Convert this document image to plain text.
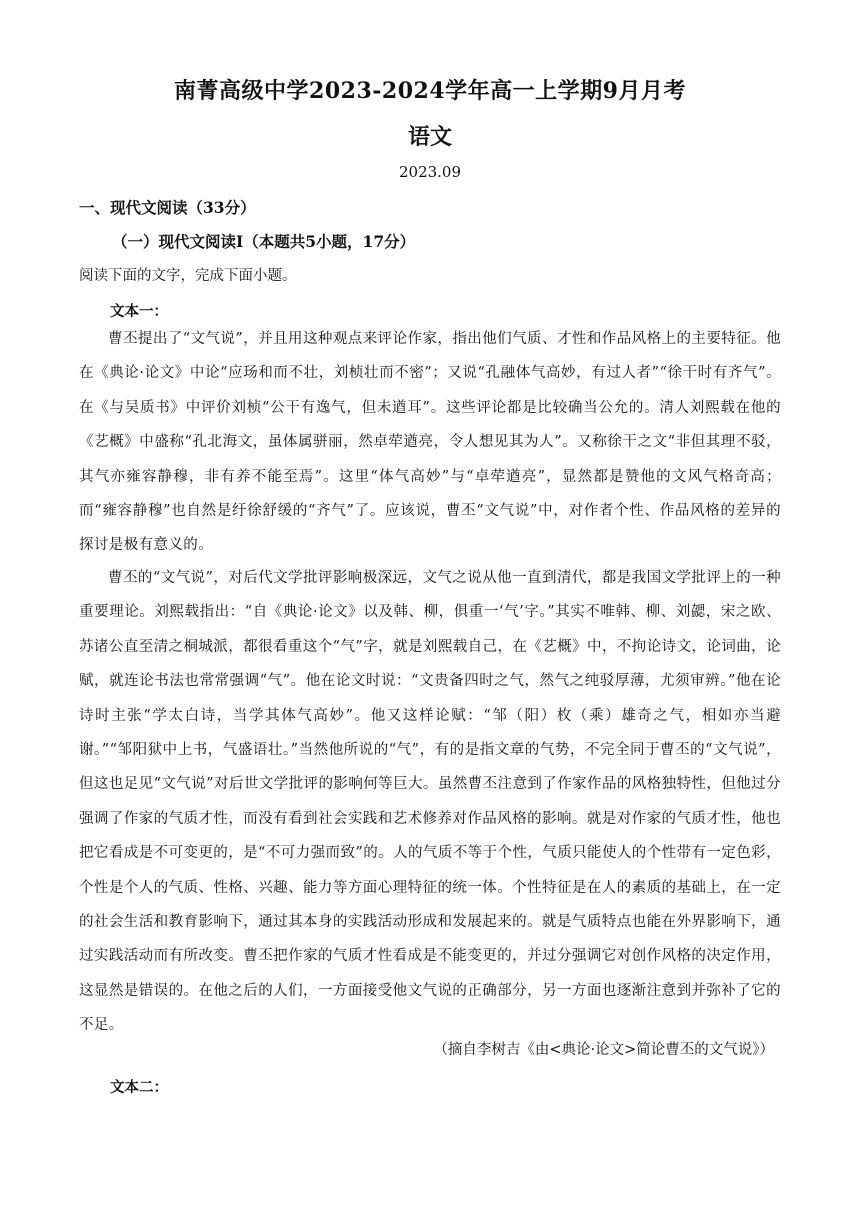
南菁高级中学2023-2024学年高一上学期9月月考
语文
2023.09
一、现代文阅读（33分）
（一）现代文阅读Ⅰ（本题共5小题，17分）
阅读下面的文字，完成下面小题。
文本一：

曹丕提出了“文气说”，并且用这种观点来评论作家，指出他们气质、才性和作品风格上的主要特征。他在《典论·论文》中论“应玚和而不壮，刘桢壮而不密”；又说“孔融体气高妙，有过人者”“徐干时有齐气”。在《与吴质书》中评价刘桢“公干有逸气，但未遒耳”。这些评论都是比较确当公允的。清人刘熙载在他的《艺概》中盛称“孔北海文，虽体属骈丽，然卓荦遒亮，令人想见其为人”。又称徐干之文“非但其理不驳，其气亦雍容静穆，非有养不能至焉”。这里“体气高妙”与“卓荦遒亮”，显然都是赞他的文风气格奇高；而“雍容静穆”也自然是纡徐舒缓的“齐气”了。应该说，曹丕“文气说”中，对作者个性、作品风格的差异的探讨是极有意义的。

曹丕的“文气说”，对后代文学批评影响极深远，文气之说从他一直到清代，都是我国文学批评上的一种重要理论。刘熙载指出：“自《典论·论文》以及韩、柳，俱重一‘气’字。”其实不唯韩、柳、刘勰，宋之欧、苏诸公直至清之桐城派，都很看重这个“气”字，就是刘熙载自己，在《艺概》中，不拘论诗文，论词曲，论赋，就连论书法也常常强调“气”。他在论文时说：“文贵备四时之气，然气之纯驳厚薄，尤须审辨。”他在论诗时主张“学太白诗，当学其体气高妙”。他又这样论赋：“邹（阳）枚（乘）雄奇之气，相如亦当避谢。”“邹阳狱中上书，气盛语壮。”当然他所说的“气”，有的是指文章的气势，不完全同于曹丕的“文气说”，但这也足见“文气说”对后世文学批评的影响何等巨大。虽然曹丕注意到了作家作品的风格独特性，但他过分强调了作家的气质才性，而没有看到社会实践和艺术修养对作品风格的影响。就是对作家的气质才性，他也把它看成是不可变更的，是“不可力强而致”的。人的气质不等于个性，气质只能使人的个性带有一定色彩，个性是个人的气质、性格、兴趣、能力等方面心理特征的统一体。个性特征是在人的素质的基础上，在一定的社会生活和教育影响下，通过其本身的实践活动形成和发展起来的。就是气质特点也能在外界影响下，通过实践活动而有所改变。曹丕把作家的气质才性看成是不能变更的，并过分强调它对创作风格的决定作用，这显然是错误的。在他之后的人们，一方面接受他文气说的正确部分，另一方面也逐渐注意到并弥补了它的不足。

（摘自李树吉《由<典论·论文>简论曹丕的文气说》）
文本二：
